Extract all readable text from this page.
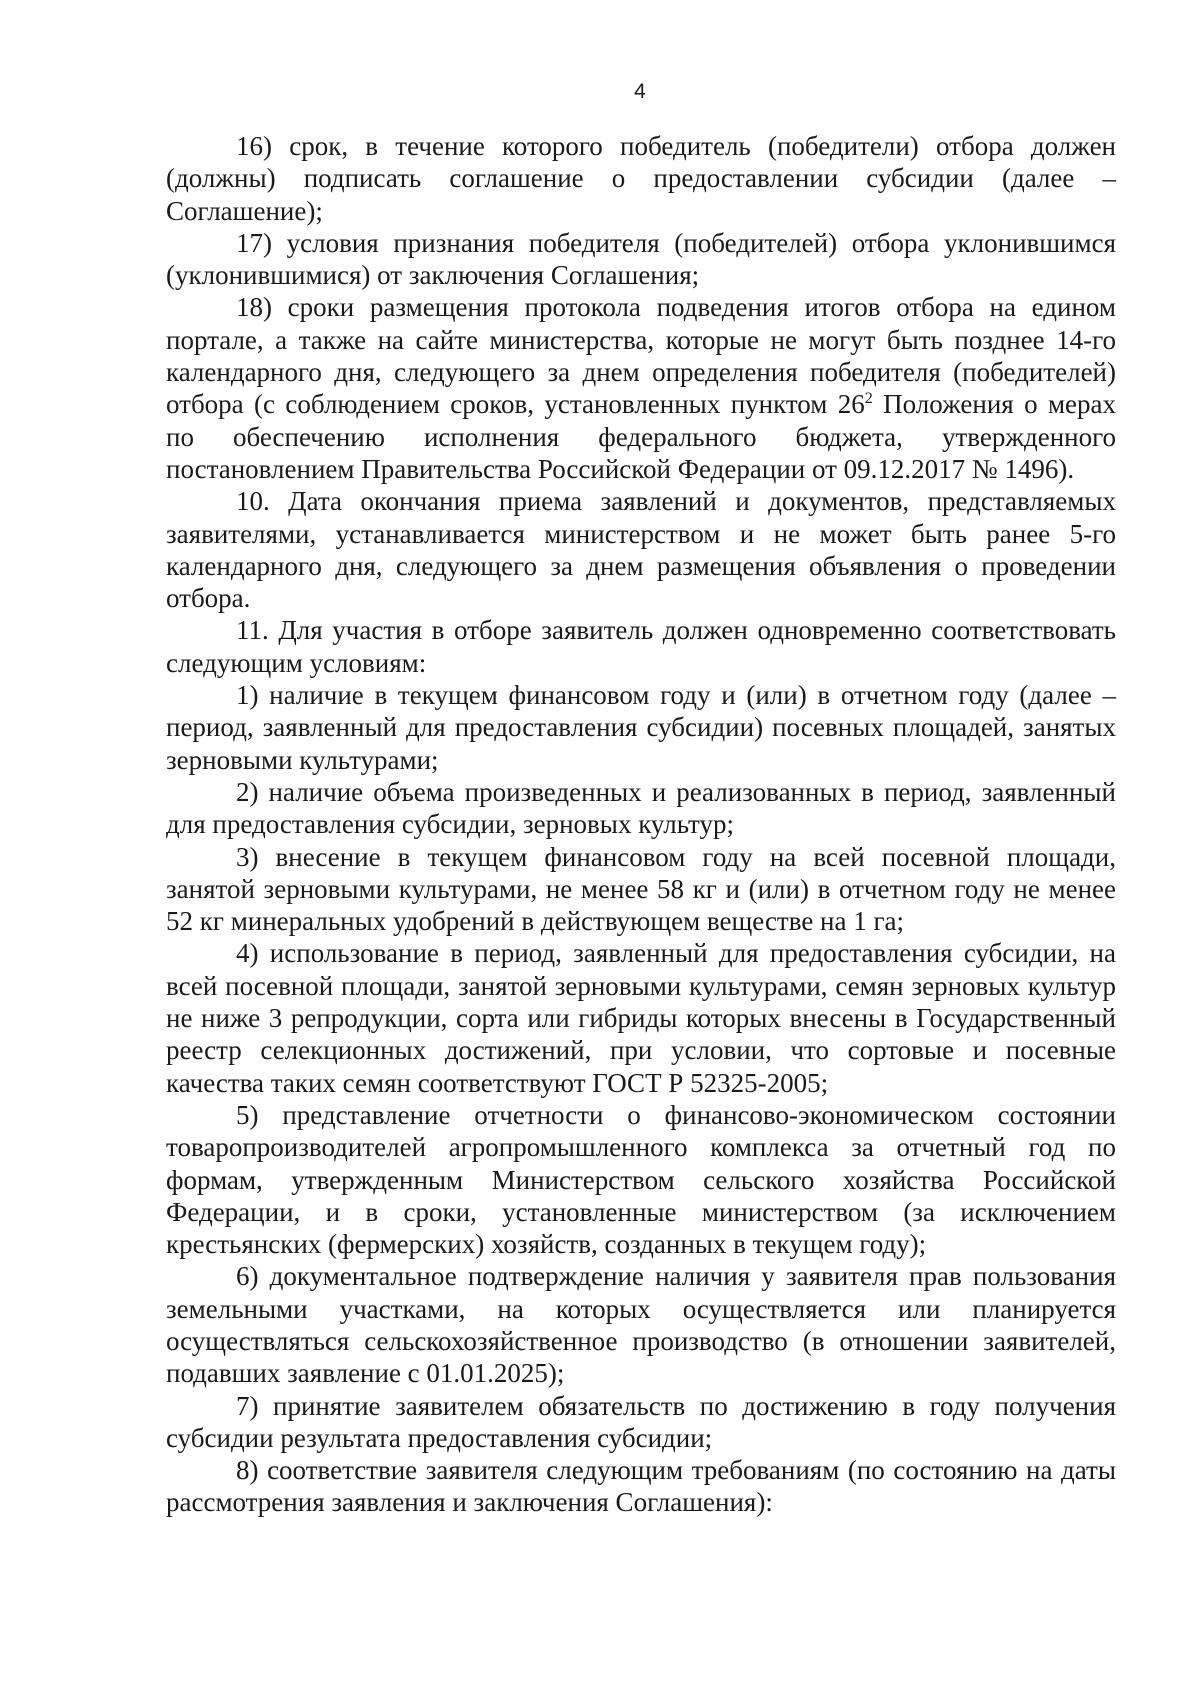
4

16) срок, в течение которого победитель (победители) отбора должен (должны) подписать соглашение о предоставлении субсидии (далее – Соглашение);

17) условия признания победителя (победителей) отбора уклонившимся (уклонившимися) от заключения Соглашения;

18) сроки размещения протокола подведения итогов отбора на едином портале, а также на сайте министерства, которые не могут быть позднее 14-го календарного дня, следующего за днем определения победителя (победителей) отбора (с соблюдением сроков, установленных пунктом $26^2$ Положения о мерах по обеспечению исполнения федерального бюджета, утвержденного постановлением Правительства Российской Федерации от 09.12.2017 № 1496).

10. Дата окончания приема заявлений и документов, представляемых заявителями, устанавливается министерством и не может быть ранее 5-го календарного дня, следующего за днем размещения объявления о проведении отбора.

11. Для участия в отборе заявитель должен одновременно соответствовать следующим условиям:

1) наличие в текущем финансовом году и (или) в отчетном году (далее – период, заявленный для предоставления субсидии) посевных площадей, занятых зерновыми культурами;

2) наличие объема произведенных и реализованных в период, заявленный для предоставления субсидии, зерновых культур;

3) внесение в текущем финансовом году на всей посевной площади, занятой зерновыми культурами, не менее 58 кг и (или) в отчетном году не менее 52 кг минеральных удобрений в действующем веществе на 1 га;

4) использование в период, заявленный для предоставления субсидии, на всей посевной площади, занятой зерновыми культурами, семян зерновых культур не ниже 3 репродукции, сорта или гибриды которых внесены в Государственный реестр селекционных достижений, при условии, что сортовые и посевные качества таких семян соответствуют ГОСТ Р 52325-2005;

5) представление отчетности о финансово-экономическом состоянии товаропроизводителей агропромышленного комплекса за отчетный год по формам, утвержденным Министерством сельского хозяйства Российской Федерации, и в сроки, установленные министерством (за исключением крестьянских (фермерских) хозяйств, созданных в текущем году);

6) документальное подтверждение наличия у заявителя прав пользования земельными участками, на которых осуществляется или планируется осуществляться сельскохозяйственное производство (в отношении заявителей, подавших заявление с 01.01.2025);

7) принятие заявителем обязательств по достижению в году получения субсидии результата предоставления субсидии;

8) соответствие заявителя следующим требованиям (по состоянию на даты рассмотрения заявления и заключения Соглашения):
